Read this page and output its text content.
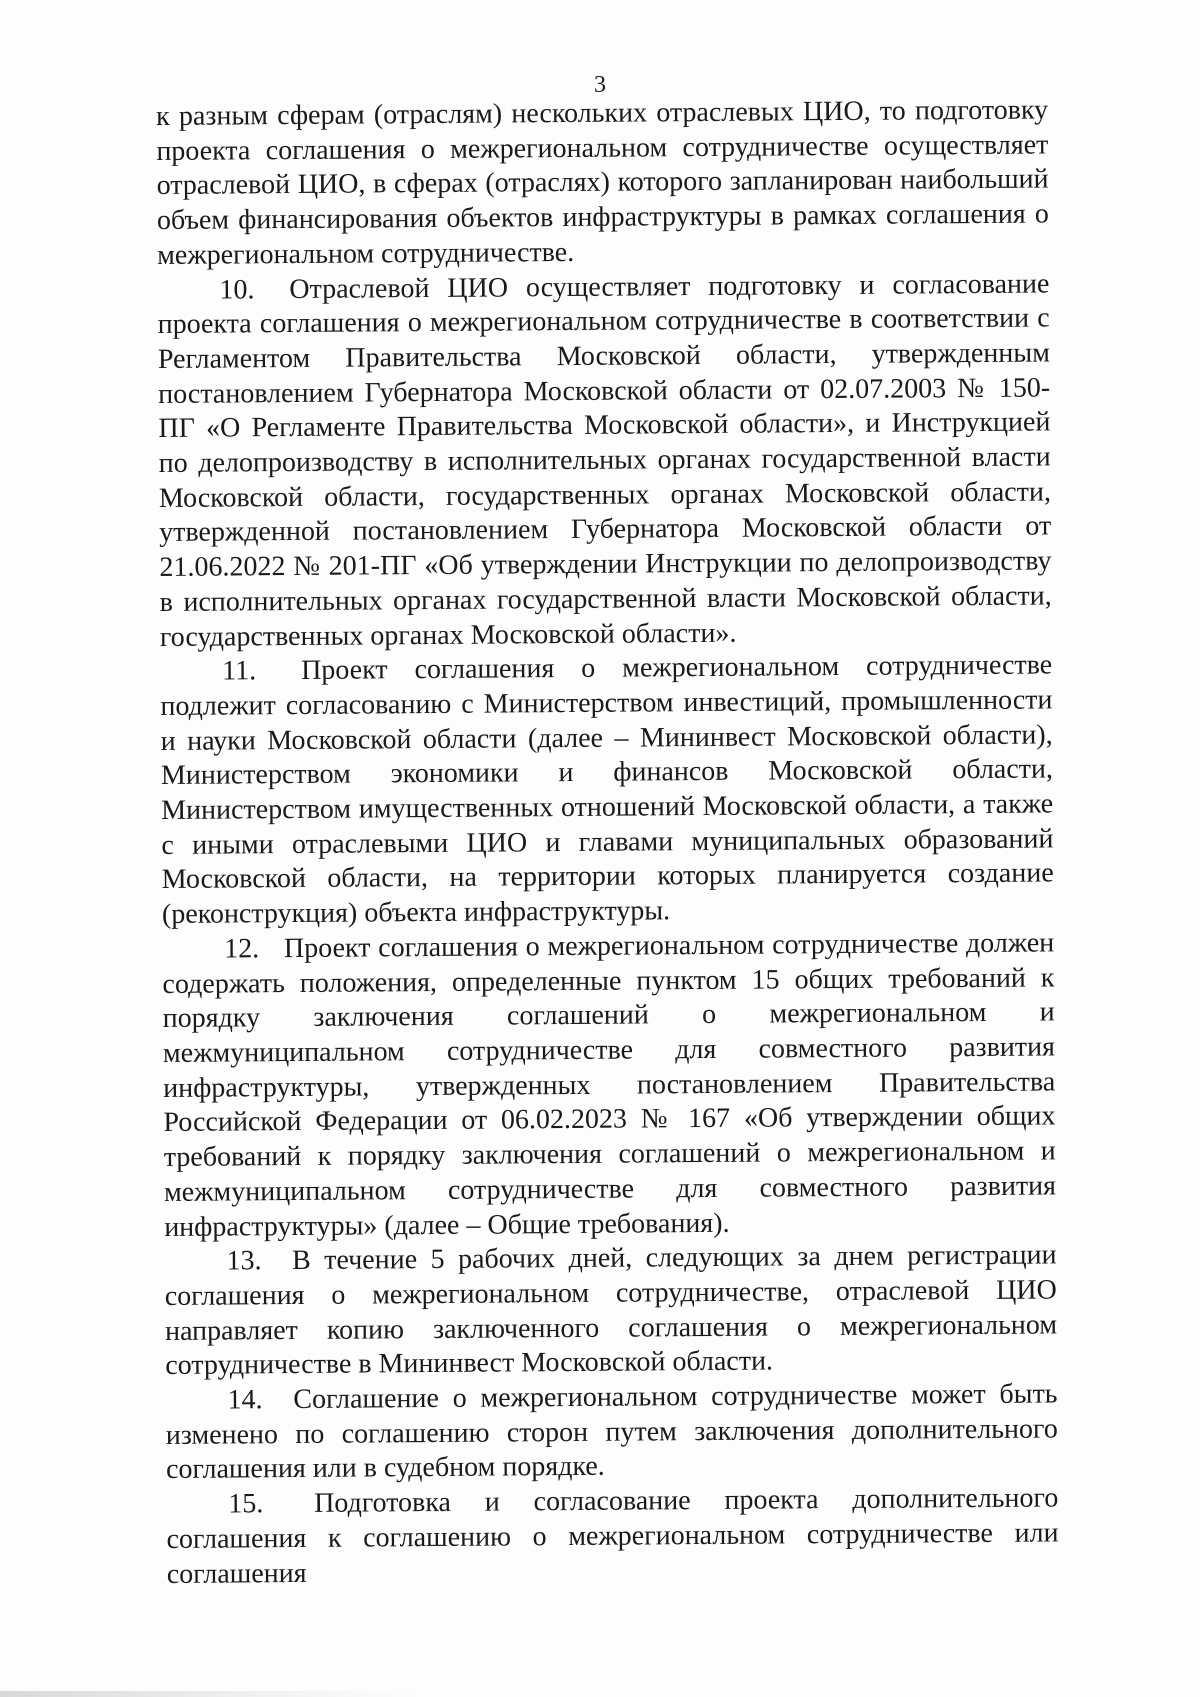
3

к разным сферам (отраслям) нескольких отраслевых ЦИО, то подготовку проекта соглашения о межрегиональном сотрудничестве осуществляет отраслевой ЦИО, в сферах (отраслях) которого запланирован наибольший объем финансирования объектов инфраструктуры в рамках соглашения о межрегиональном сотрудничестве.

10. Отраслевой ЦИО осуществляет подготовку и согласование проекта соглашения о межрегиональном сотрудничестве в соответствии с Регламентом Правительства Московской области, утвержденным постановлением Губернатора Московской области от 02.07.2003 № 150-ПГ «О Регламенте Правительства Московской области», и Инструкцией по делопроизводству в исполнительных органах государственной власти Московской области, государственных органах Московской области, утвержденной постановлением Губернатора Московской области от 21.06.2022 № 201-ПГ «Об утверждении Инструкции по делопроизводству в исполнительных органах государственной власти Московской области, государственных органах Московской области».

11. Проект соглашения о межрегиональном сотрудничестве подлежит согласованию с Министерством инвестиций, промышленности и науки Московской области (далее – Мининвест Московской области), Министерством экономики и финансов Московской области, Министерством имущественных отношений Московской области, а также с иными отраслевыми ЦИО и главами муниципальных образований Московской области, на территории которых планируется создание (реконструкция) объекта инфраструктуры.

12. Проект соглашения о межрегиональном сотрудничестве должен содержать положения, определенные пунктом 15 общих требований к порядку заключения соглашений о межрегиональном и межмуниципальном сотрудничестве для совместного развития инфраструктуры, утвержденных постановлением Правительства Российской Федерации от 06.02.2023 № 167 «Об утверждении общих требований к порядку заключения соглашений о межрегиональном и межмуниципальном сотрудничестве для совместного развития инфраструктуры» (далее – Общие требования).

13. В течение 5 рабочих дней, следующих за днем регистрации соглашения о межрегиональном сотрудничестве, отраслевой ЦИО направляет копию заключенного соглашения о межрегиональном сотрудничестве в Мининвест Московской области.

14. Соглашение о межрегиональном сотрудничестве может быть изменено по соглашению сторон путем заключения дополнительного соглашения или в судебном порядке.

15. Подготовка и согласование проекта дополнительного соглашения к соглашению о межрегиональном сотрудничестве или соглашения
